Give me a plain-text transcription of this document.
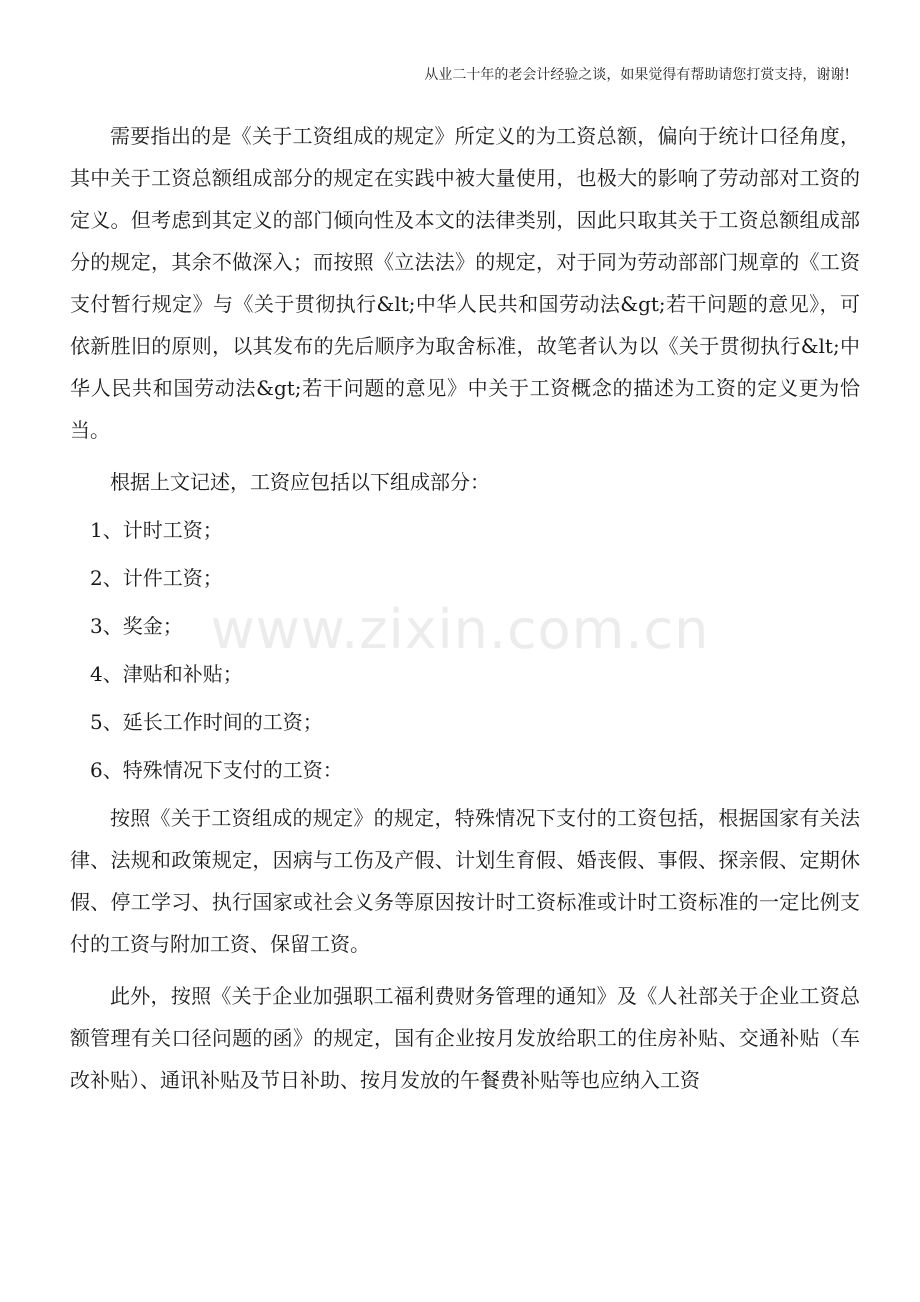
从业二十年的老会计经验之谈，如果觉得有帮助请您打赏支持，谢谢!
www.zixin.com.cn

需要指出的是《关于工资组成的规定》所定义的为工资总额，偏向于统计口径角度，其中关于工资总额组成部分的规定在实践中被大量使用，也极大的影响了劳动部对工资的定义。但考虑到其定义的部门倾向性及本文的法律类别，因此只取其关于工资总额组成部分的规定，其余不做深入；而按照《立法法》的规定，对于同为劳动部部门规章的《工资支付暂行规定》与《关于贯彻执行&lt;中华人民共和国劳动法&gt;若干问题的意见》，可依新胜旧的原则，以其发布的先后顺序为取舍标准，故笔者认为以《关于贯彻执行&lt;中华人民共和国劳动法&gt;若干问题的意见》中关于工资概念的描述为工资的定义更为恰当。

根据上文记述，工资应包括以下组成部分：

1、计时工资；

2、计件工资；

3、奖金；

4、津贴和补贴；

5、延长工作时间的工资；

6、特殊情况下支付的工资：

按照《关于工资组成的规定》的规定，特殊情况下支付的工资包括，根据国家有关法律、法规和政策规定，因病与工伤及产假、计划生育假、婚丧假、事假、探亲假、定期休假、停工学习、执行国家或社会义务等原因按计时工资标准或计时工资标准的一定比例支付的工资与附加工资、保留工资。

此外，按照《关于企业加强职工福利费财务管理的通知》及《人社部关于企业工资总额管理有关口径问题的函》的规定，国有企业按月发放给职工的住房补贴、交通补贴（车改补贴）、通讯补贴及节日补助、按月发放的午餐费补贴等也应纳入工资
